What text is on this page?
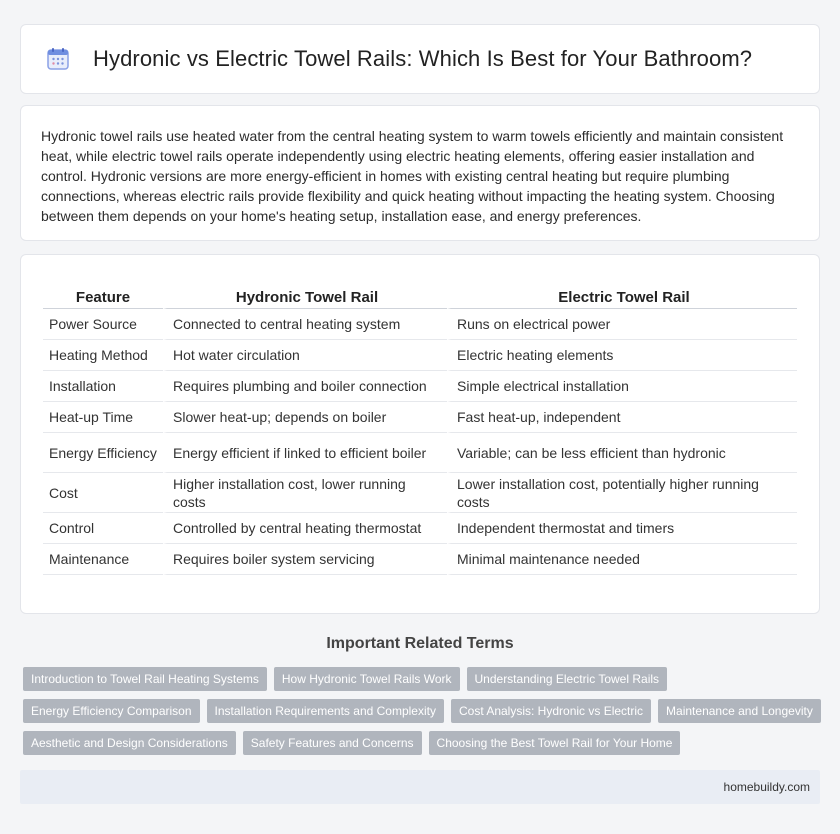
Hydronic vs Electric Towel Rails: Which Is Best for Your Bathroom?

Hydronic towel rails use heated water from the central heating system to warm towels efficiently and maintain consistent heat, while electric towel rails operate independently using electric heating elements, offering easier installation and control. Hydronic versions are more energy-efficient in homes with existing central heating but require plumbing connections, whereas electric rails provide flexibility and quick heating without impacting the heating system. Choosing between them depends on your home's heating setup, installation ease, and energy preferences.

Feature	Hydronic Towel Rail	Electric Towel Rail
Power Source	Connected to central heating system	Runs on electrical power
Heating Method	Hot water circulation	Electric heating elements
Installation	Requires plumbing and boiler connection	Simple electrical installation
Heat-up Time	Slower heat-up; depends on boiler	Fast heat-up, independent
Energy Efficiency	Energy efficient if linked to efficient boiler	Variable; can be less efficient than hydronic
Cost	Higher installation cost, lower running costs	Lower installation cost, potentially higher running costs
Control	Controlled by central heating thermostat	Independent thermostat and timers
Maintenance	Requires boiler system servicing	Minimal maintenance needed
Important Related Terms
Introduction to Towel Rail Heating Systems	How Hydronic Towel Rails Work	Understanding Electric Towel Rails
Energy Efficiency Comparison	Installation Requirements and Complexity	Cost Analysis: Hydronic vs Electric	Maintenance and Longevity
Aesthetic and Design Considerations	Safety Features and Concerns	Choosing the Best Towel Rail for Your Home
homebuildy.com
